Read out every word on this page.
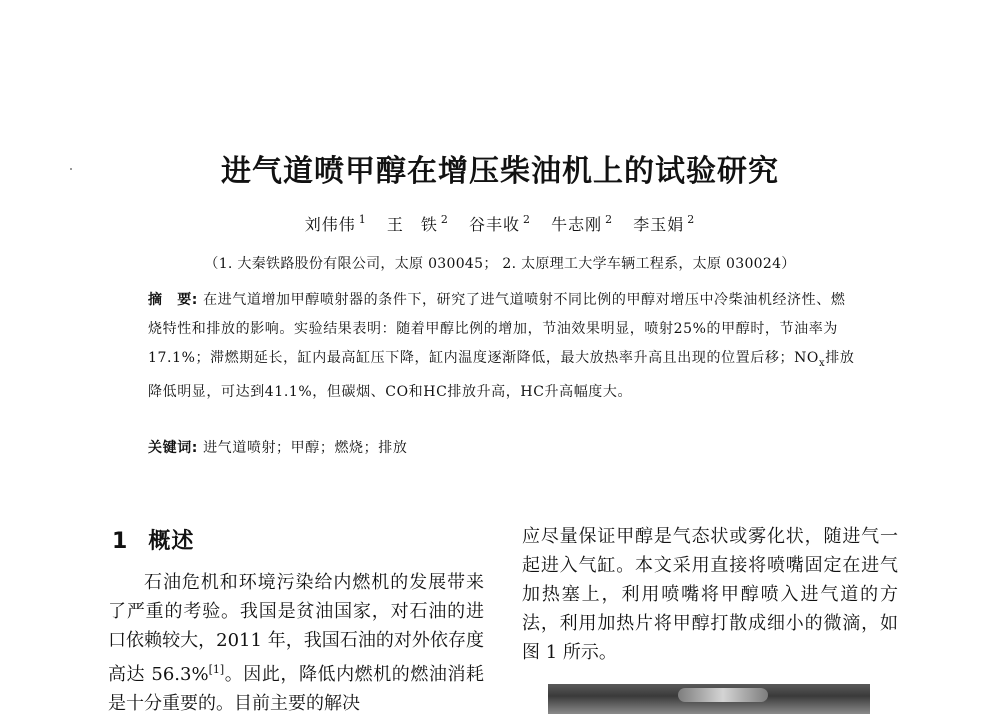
进气道喷甲醇在增压柴油机上的试验研究
刘伟伟 $^1$ 王　铁 $^2$ 谷丰收 $^2$ 牛志刚 $^2$ 李玉娟 $^2$
（1. 大秦铁路股份有限公司，太原 030045； 2. 太原理工大学车辆工程系，太原 030024）

摘　要: 在进气道增加甲醇喷射器的条件下，研究了进气道喷射不同比例的甲醇对增压中冷柴油机经济性、燃烧特性和排放的影响。实验结果表明：随着甲醇比例的增加，节油效果明显，喷射25%的甲醇时，节油率为17.1%；滞燃期延长，缸内最高缸压下降，缸内温度逐渐降低，最大放热率升高且出现的位置后移；$NO_x$排放降低明显，可达到41.1%，但碳烟、CO和HC排放升高，HC升高幅度大。

关键词: 进气道喷射；甲醇；燃烧；排放
1 概述

石油危机和环境污染给内燃机的发展带来了严重的考验。我国是贫油国家，对石油的进口依赖较大，2011 年，我国石油的对外依存度高达 56.3%[1]。因此，降低内燃机的燃油消耗是十分重要的。目前主要的解决

应尽量保证甲醇是气态状或雾化状，随进气一起进入气缸。本文采用直接将喷嘴固定在进气加热塞上，利用喷嘴将甲醇喷入进气道的方法，利用加热片将甲醇打散成细小的微滴，如图 1 所示。
